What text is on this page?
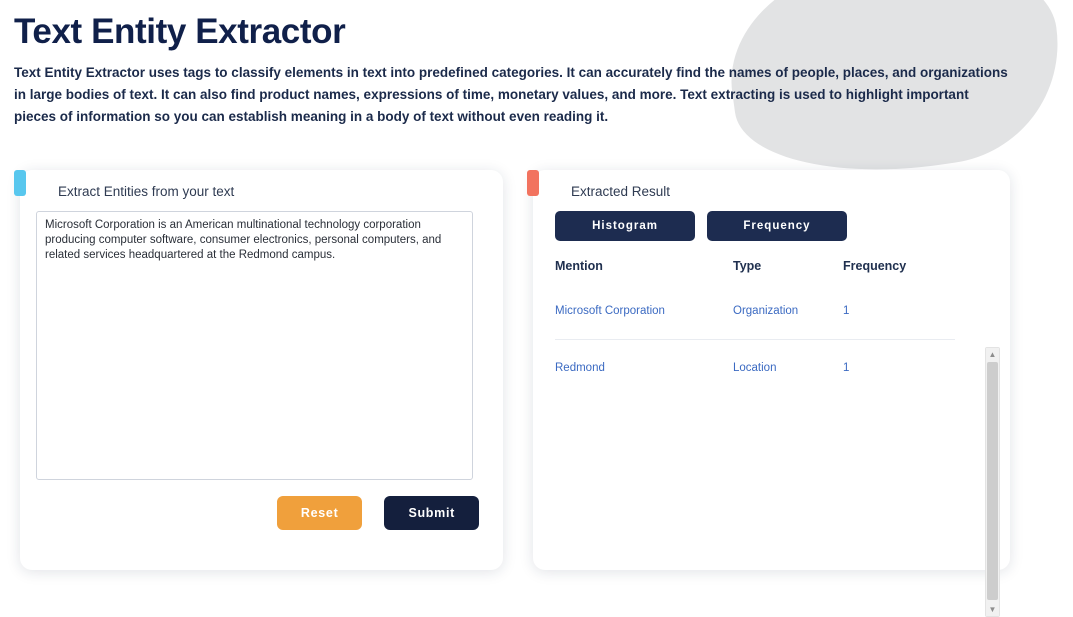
Text Entity Extractor

Text Entity Extractor uses tags to classify elements in text into predefined categories. It can accurately find the names of people, places, and organizations in large bodies of text. It can also find product names, expressions of time, monetary values, and more. Text extracting is used to highlight important pieces of information so you can establish meaning in a body of text without even reading it.

Extract Entities from your text
Microsoft Corporation is an American multinational technology corporation producing computer software, consumer electronics, personal computers, and related services headquartered at the Redmond campus.
Reset	Submit
Extracted Result
Histogram	Frequency
Mention	Type	Frequency
Microsoft Corporation	Organization	1
Redmond	Location	1
▲
▼
